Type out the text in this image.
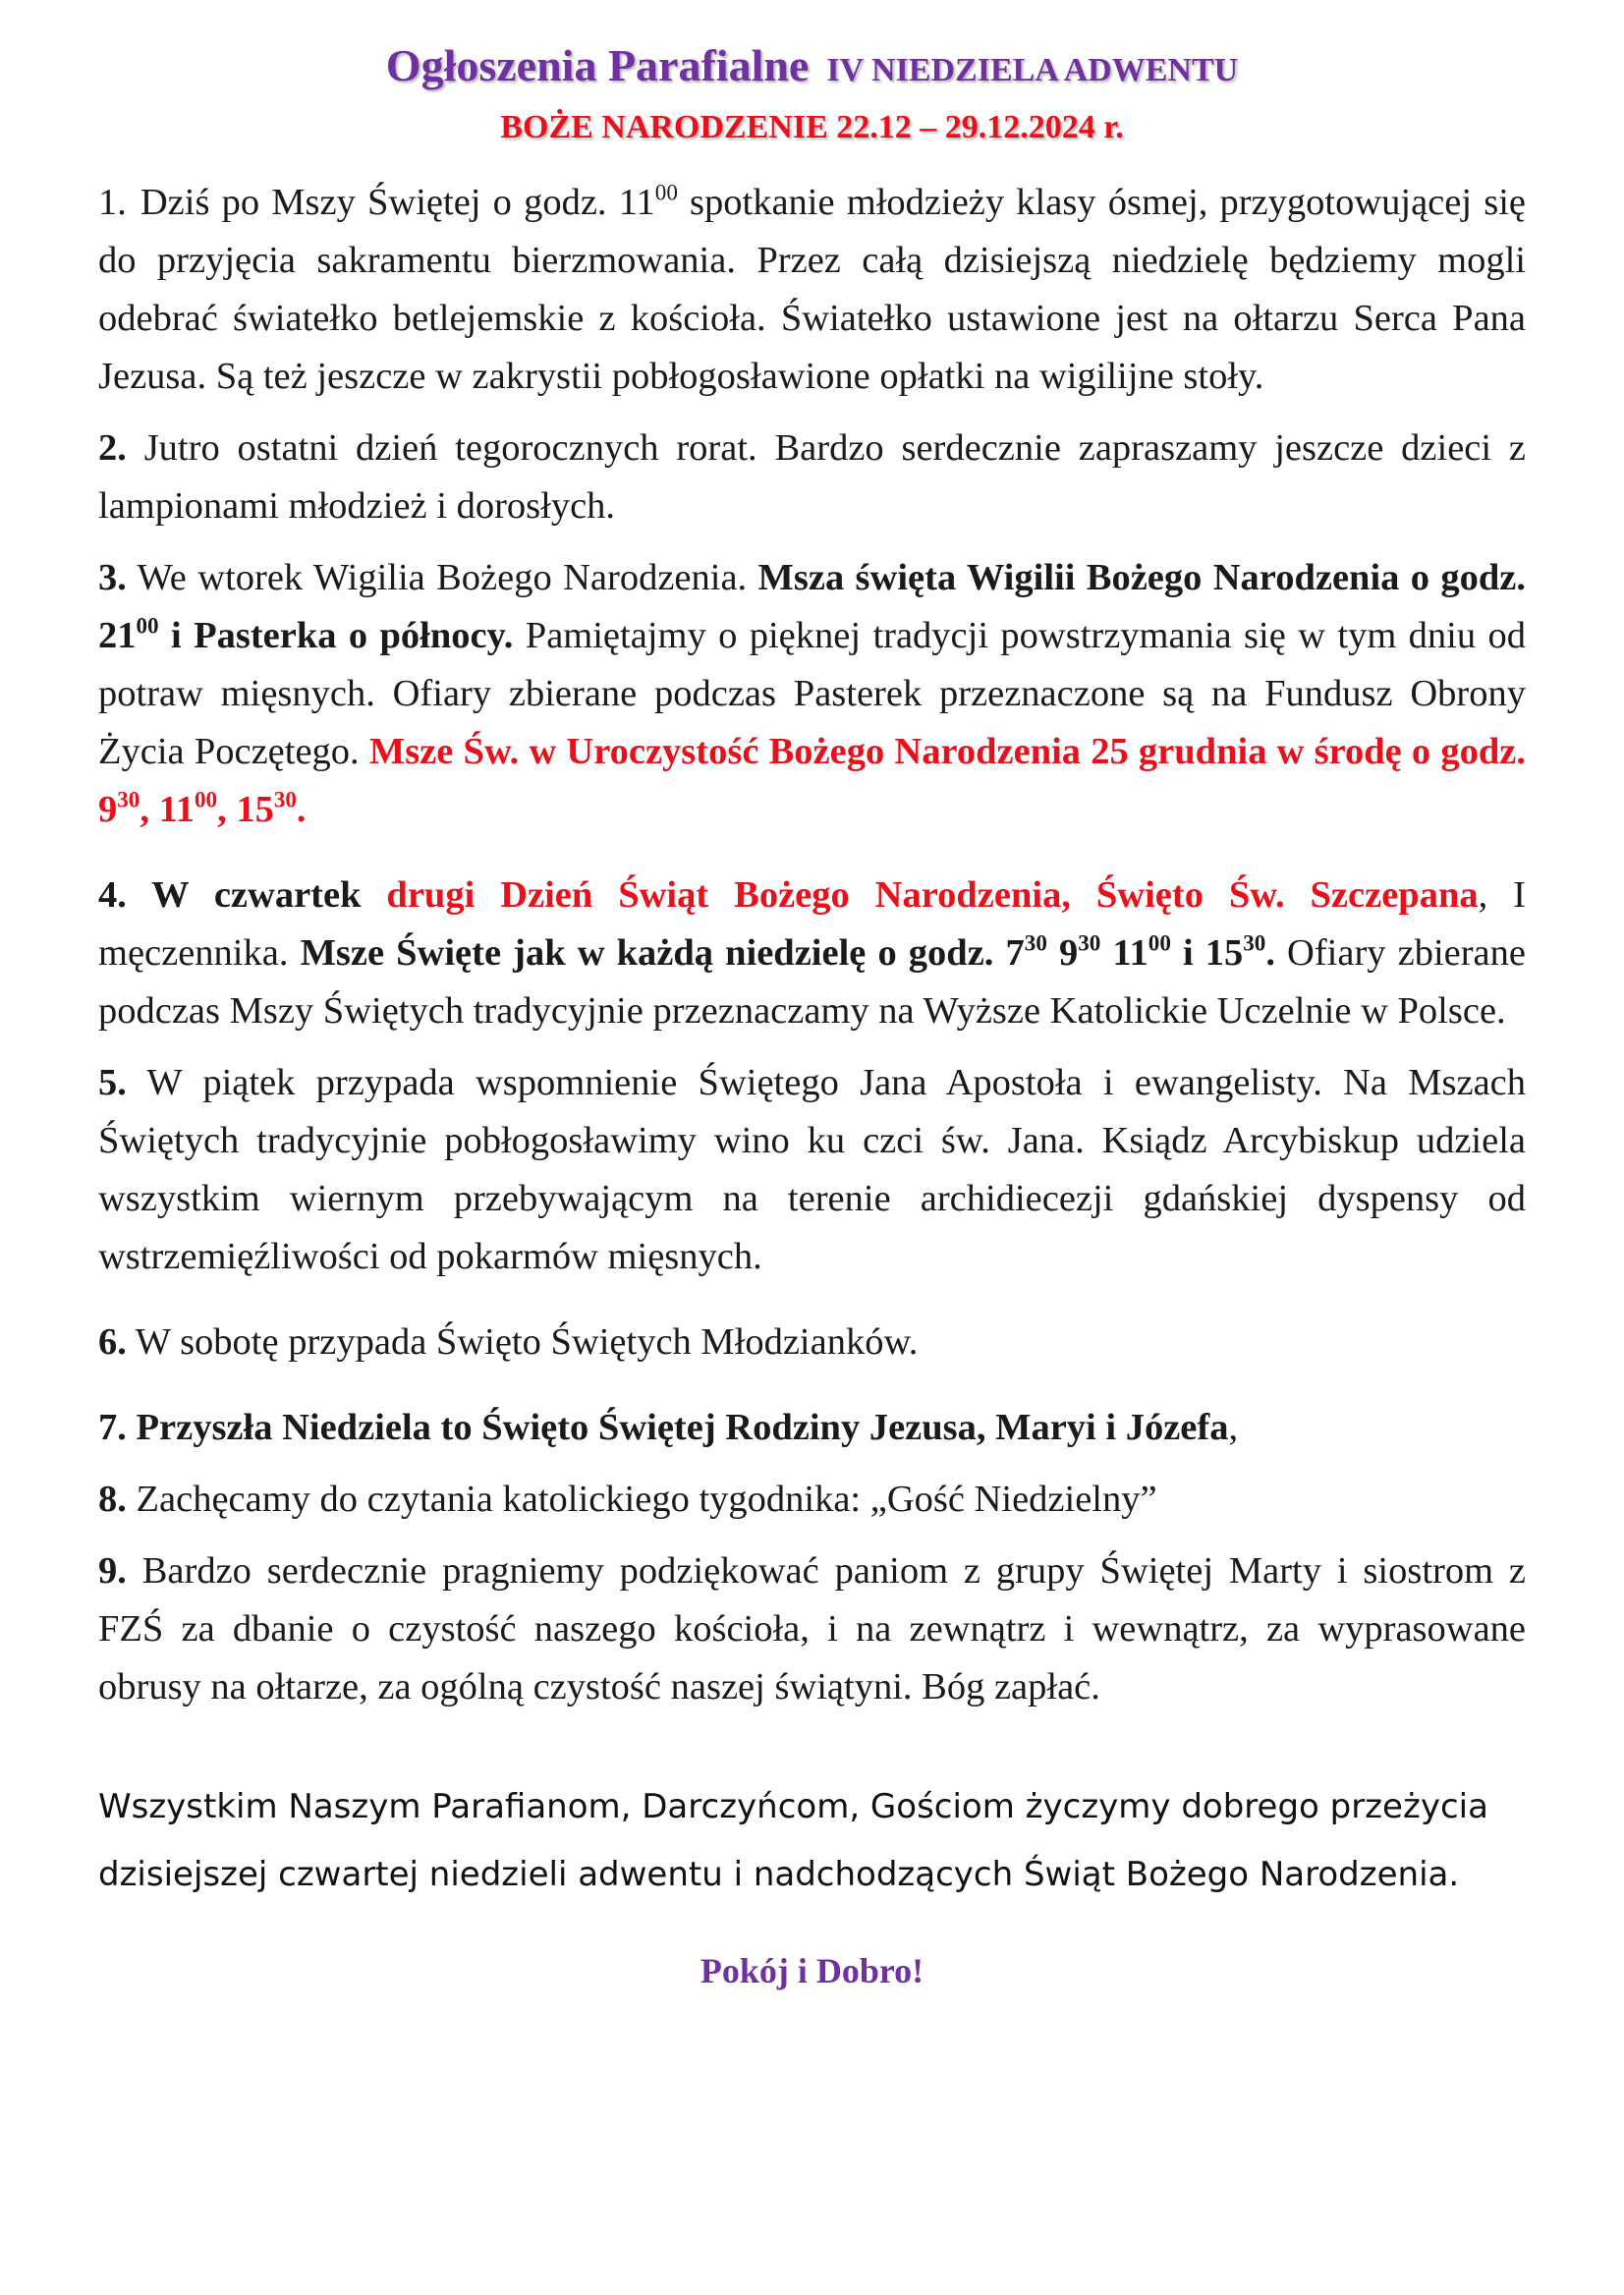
Ogłoszenia Parafialne IV NIEDZIELA ADWENTU
BOŻE NARODZENIE 22.12 – 29.12.2024 r.

1. Dziś po Mszy Świętej o godz. $11^{00}$ spotkanie młodzieży klasy ósmej, przygotowującej się do przyjęcia sakramentu bierzmowania. Przez całą dzisiejszą niedzielę będziemy mogli odebrać światełko betlejemskie z kościoła. Światełko ustawione jest na ołtarzu Serca Pana Jezusa. Są też jeszcze w zakrystii pobłogosławione opłatki na wigilijne stoły.

2. Jutro ostatni dzień tegorocznych rorat. Bardzo serdecznie zapraszamy jeszcze dzieci z lampionami młodzież i dorosłych.

3. We wtorek Wigilia Bożego Narodzenia. Msza święta Wigilii Bożego Narodzenia o godz. $21^{00}$ i Pasterka o północy. Pamiętajmy o pięknej tradycji powstrzymania się w tym dniu od potraw mięsnych. Ofiary zbierane podczas Pasterek przeznaczone są na Fundusz Obrony Życia Poczętego. Msze Św. w Uroczystość Bożego Narodzenia 25 grudnia w środę o godz. $9^{30}$, $11^{00}$, $15^{30}$.

4. W czwartek drugi Dzień Świąt Bożego Narodzenia, Święto Św. Szczepana, I męczennika. Msze Święte jak w każdą niedzielę o godz. $7^{30}$ $9^{30}$ $11^{00}$ i $15^{30}$. Ofiary zbierane podczas Mszy Świętych tradycyjnie przeznaczamy na Wyższe Katolickie Uczelnie w Polsce.

5. W piątek przypada wspomnienie Świętego Jana Apostoła i ewangelisty. Na Mszach Świętych tradycyjnie pobłogosławimy wino ku czci św. Jana. Ksiądz Arcybiskup udziela wszystkim wiernym przebywającym na terenie archidiecezji gdańskiej dyspensy od wstrzemięźliwości od pokarmów mięsnych.

6. W sobotę przypada Święto Świętych Młodzianków.

7. Przyszła Niedziela to Święto Świętej Rodziny Jezusa, Maryi i Józefa,

8. Zachęcamy do czytania katolickiego tygodnika: „Gość Niedzielny”

9. Bardzo serdecznie pragniemy podziękować paniom z grupy Świętej Marty i siostrom z FZŚ za dbanie o czystość naszego kościoła, i na zewnątrz i wewnątrz, za wyprasowane obrusy na ołtarze, za ogólną czystość naszej świątyni. Bóg zapłać.

Wszystkim Naszym Parafianom, Darczyńcom, Gościom życzymy dobrego przeżycia dzisiejszej czwartej niedzieli adwentu i nadchodzących Świąt Bożego Narodzenia.
Pokój i Dobro!
